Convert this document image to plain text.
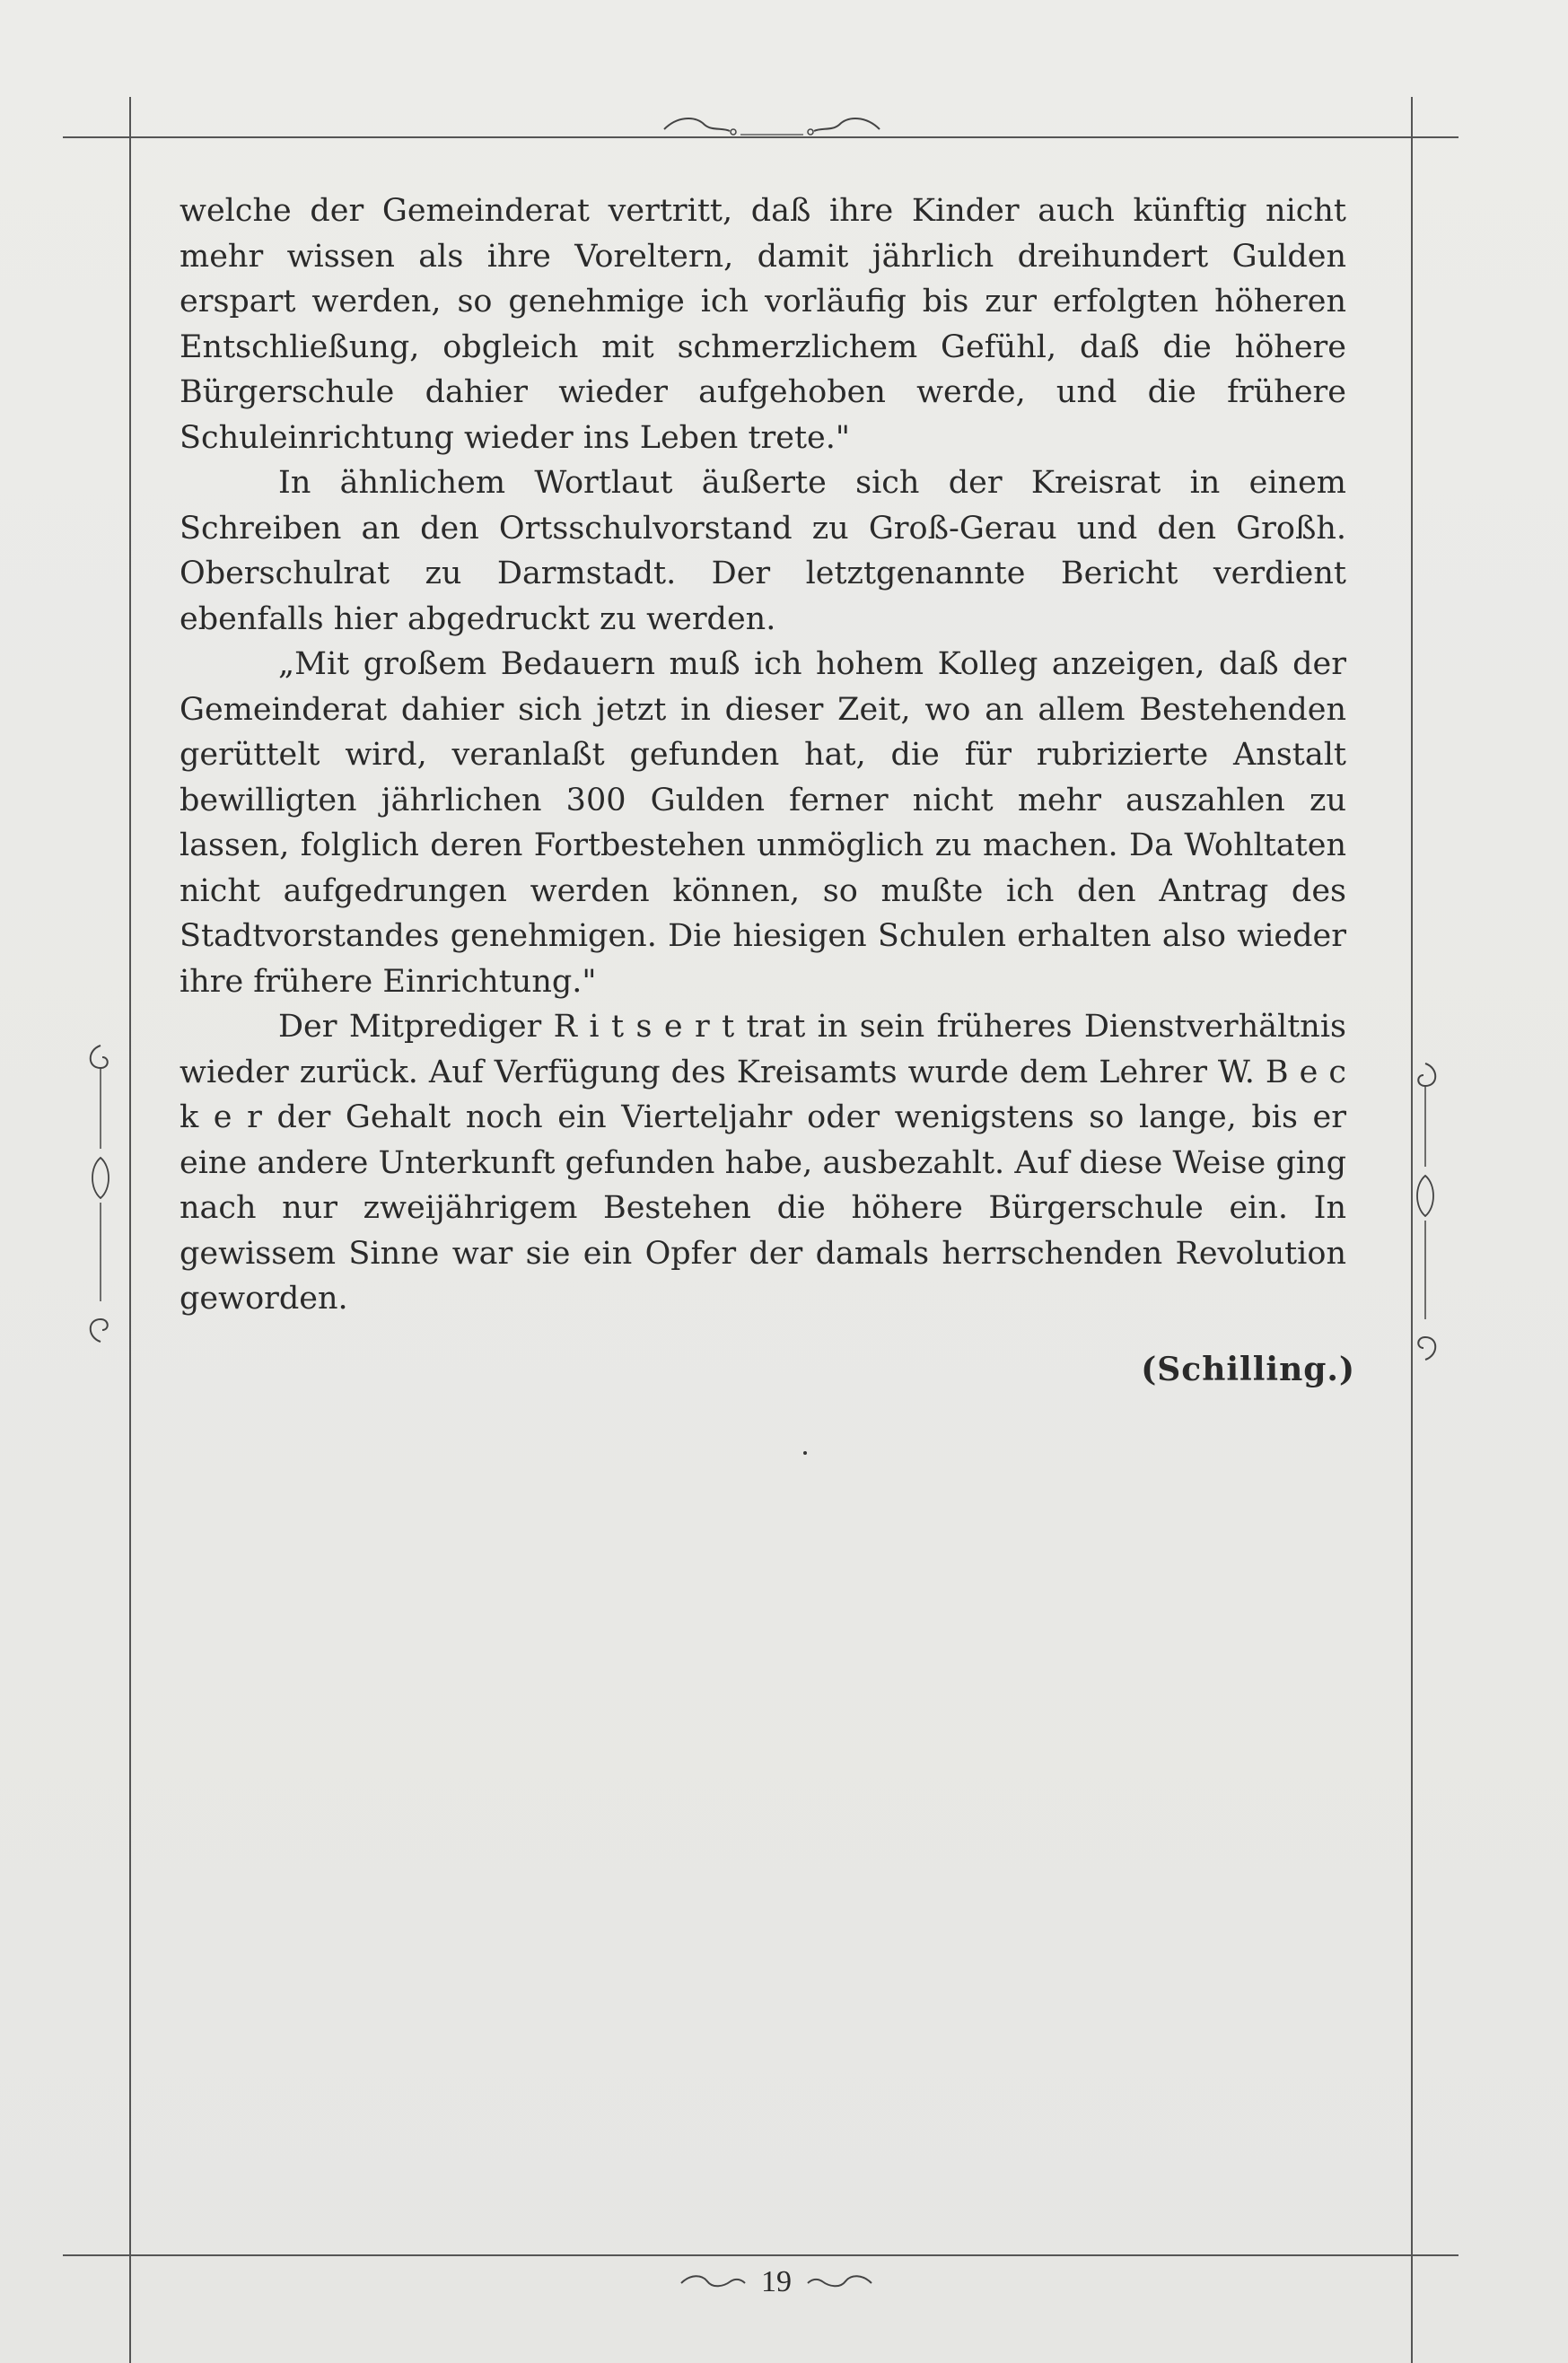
welche der Gemeinderat vertritt, daß ihre Kinder auch künftig nicht mehr wissen als ihre Voreltern, damit jährlich dreihundert Gulden erspart werden, so genehmige ich vorläufig bis zur erfolgten höheren Entschließung, obgleich mit schmerzlichem Gefühl, daß die höhere Bürgerschule dahier wieder aufgehoben werde, und die frühere Schuleinrichtung wieder ins Leben trete."

In ähnlichem Wortlaut äußerte sich der Kreisrat in einem Schreiben an den Ortsschulvorstand zu Groß-Gerau und den Großh. Oberschulrat zu Darmstadt. Der letztgenannte Bericht verdient ebenfalls hier abgedruckt zu werden.

„Mit großem Bedauern muß ich hohem Kolleg anzeigen, daß der Gemeinderat dahier sich jetzt in dieser Zeit, wo an allem Bestehenden gerüttelt wird, veranlaßt gefunden hat, die für rubrizierte Anstalt bewilligten jährlichen 300 Gulden ferner nicht mehr auszahlen zu lassen, folglich deren Fortbestehen unmöglich zu machen. Da Wohltaten nicht aufgedrungen werden können, so mußte ich den Antrag des Stadtvorstandes genehmigen. Die hiesigen Schulen erhalten also wieder ihre frühere Einrichtung."

Der Mitprediger R i t s e r t trat in sein früheres Dienstverhältnis wieder zurück. Auf Verfügung des Kreisamts wurde dem Lehrer W. B e c k e r der Gehalt noch ein Vierteljahr oder wenigstens so lange, bis er eine andere Unterkunft gefunden habe, ausbezahlt. Auf diese Weise ging nach nur zweijährigem Bestehen die höhere Bürgerschule ein. In gewissem Sinne war sie ein Opfer der damals herrschenden Revolution geworden.

(Schilling.)
19
